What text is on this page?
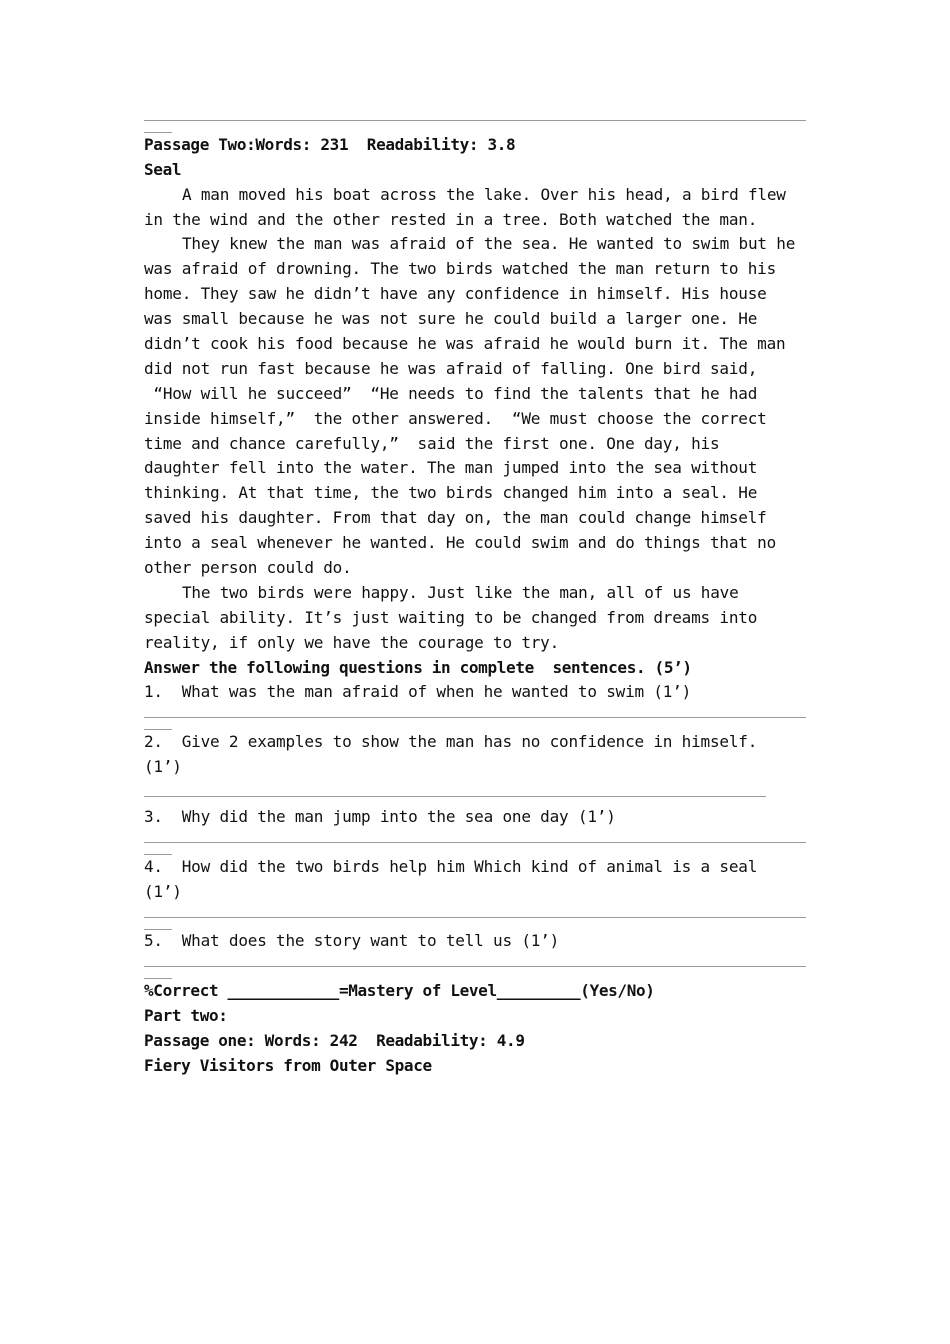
Passage Two:Words: 231  Readability: 3.8
Seal
A man moved his boat across the lake. Over his head, a bird flew
in the wind and the other rested in a tree. Both watched the man.
They knew the man was afraid of the sea. He wanted to swim but he
was afraid of drowning. The two birds watched the man return to his
home. They saw he didn’t have any confidence in himself. His house
was small because he was not sure he could build a larger one. He
didn’t cook his food because he was afraid he would burn it. The man
did not run fast because he was afraid of falling. One bird said,
“How will he succeed”  “He needs to find the talents that he had
inside himself,”  the other answered.  “We must choose the correct
time and chance carefully,”  said the first one. One day, his
daughter fell into the water. The man jumped into the sea without
thinking. At that time, the two birds changed him into a seal. He
saved his daughter. From that day on, the man could change himself
into a seal whenever he wanted. He could swim and do things that no
other person could do.
The two birds were happy. Just like the man, all of us have
special ability. It’s just waiting to be changed from dreams into
reality, if only we have the courage to try.
Answer the following questions in complete  sentences. (5’)
1.  What was the man afraid of when he wanted to swim (1’)
2.  Give 2 examples to show the man has no confidence in himself.
(1’)
3.  Why did the man jump into the sea one day (1’)
4.  How did the two birds help him Which kind of animal is a seal
(1’)
5.  What does the story want to tell us (1’)
%Correct ____________=Mastery of Level_________(Yes/No)
Part two:
Passage one: Words: 242  Readability: 4.9
Fiery Visitors from Outer Space
